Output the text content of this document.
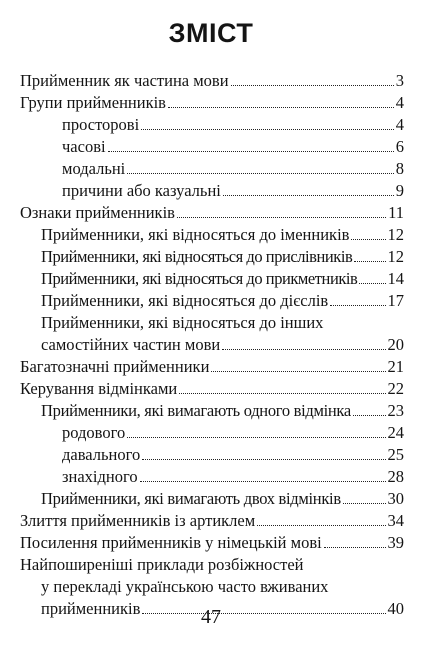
ЗМІСТ
Прийменник як частина мови	3
Групи прийменників	4
просторові	4
часові	6
модальні	8
причини або казуальні	9
Ознаки прийменників	11
Прийменники, які відносяться до іменників 12
Прийменники, які відносяться до прислівників 12
Прийменники, які відносяться до прикметників 14
Прийменники, які відносяться до дієслів	17
Прийменники, які відносяться до інших
самостійних частин мови	20
Багатозначні прийменники	21
Керування відмінками	22
Прийменники, які вимагають одного відмінка 23
родового	24
давального	25
знахідного	28
Прийменники, які вимагають двох відмінків	30
Злиття прийменників із артиклем	34
Посилення прийменників у німецькій мові	39
Найпоширеніші приклади розбіжностей
у перекладі українською часто вживаних
прийменників	40
47
